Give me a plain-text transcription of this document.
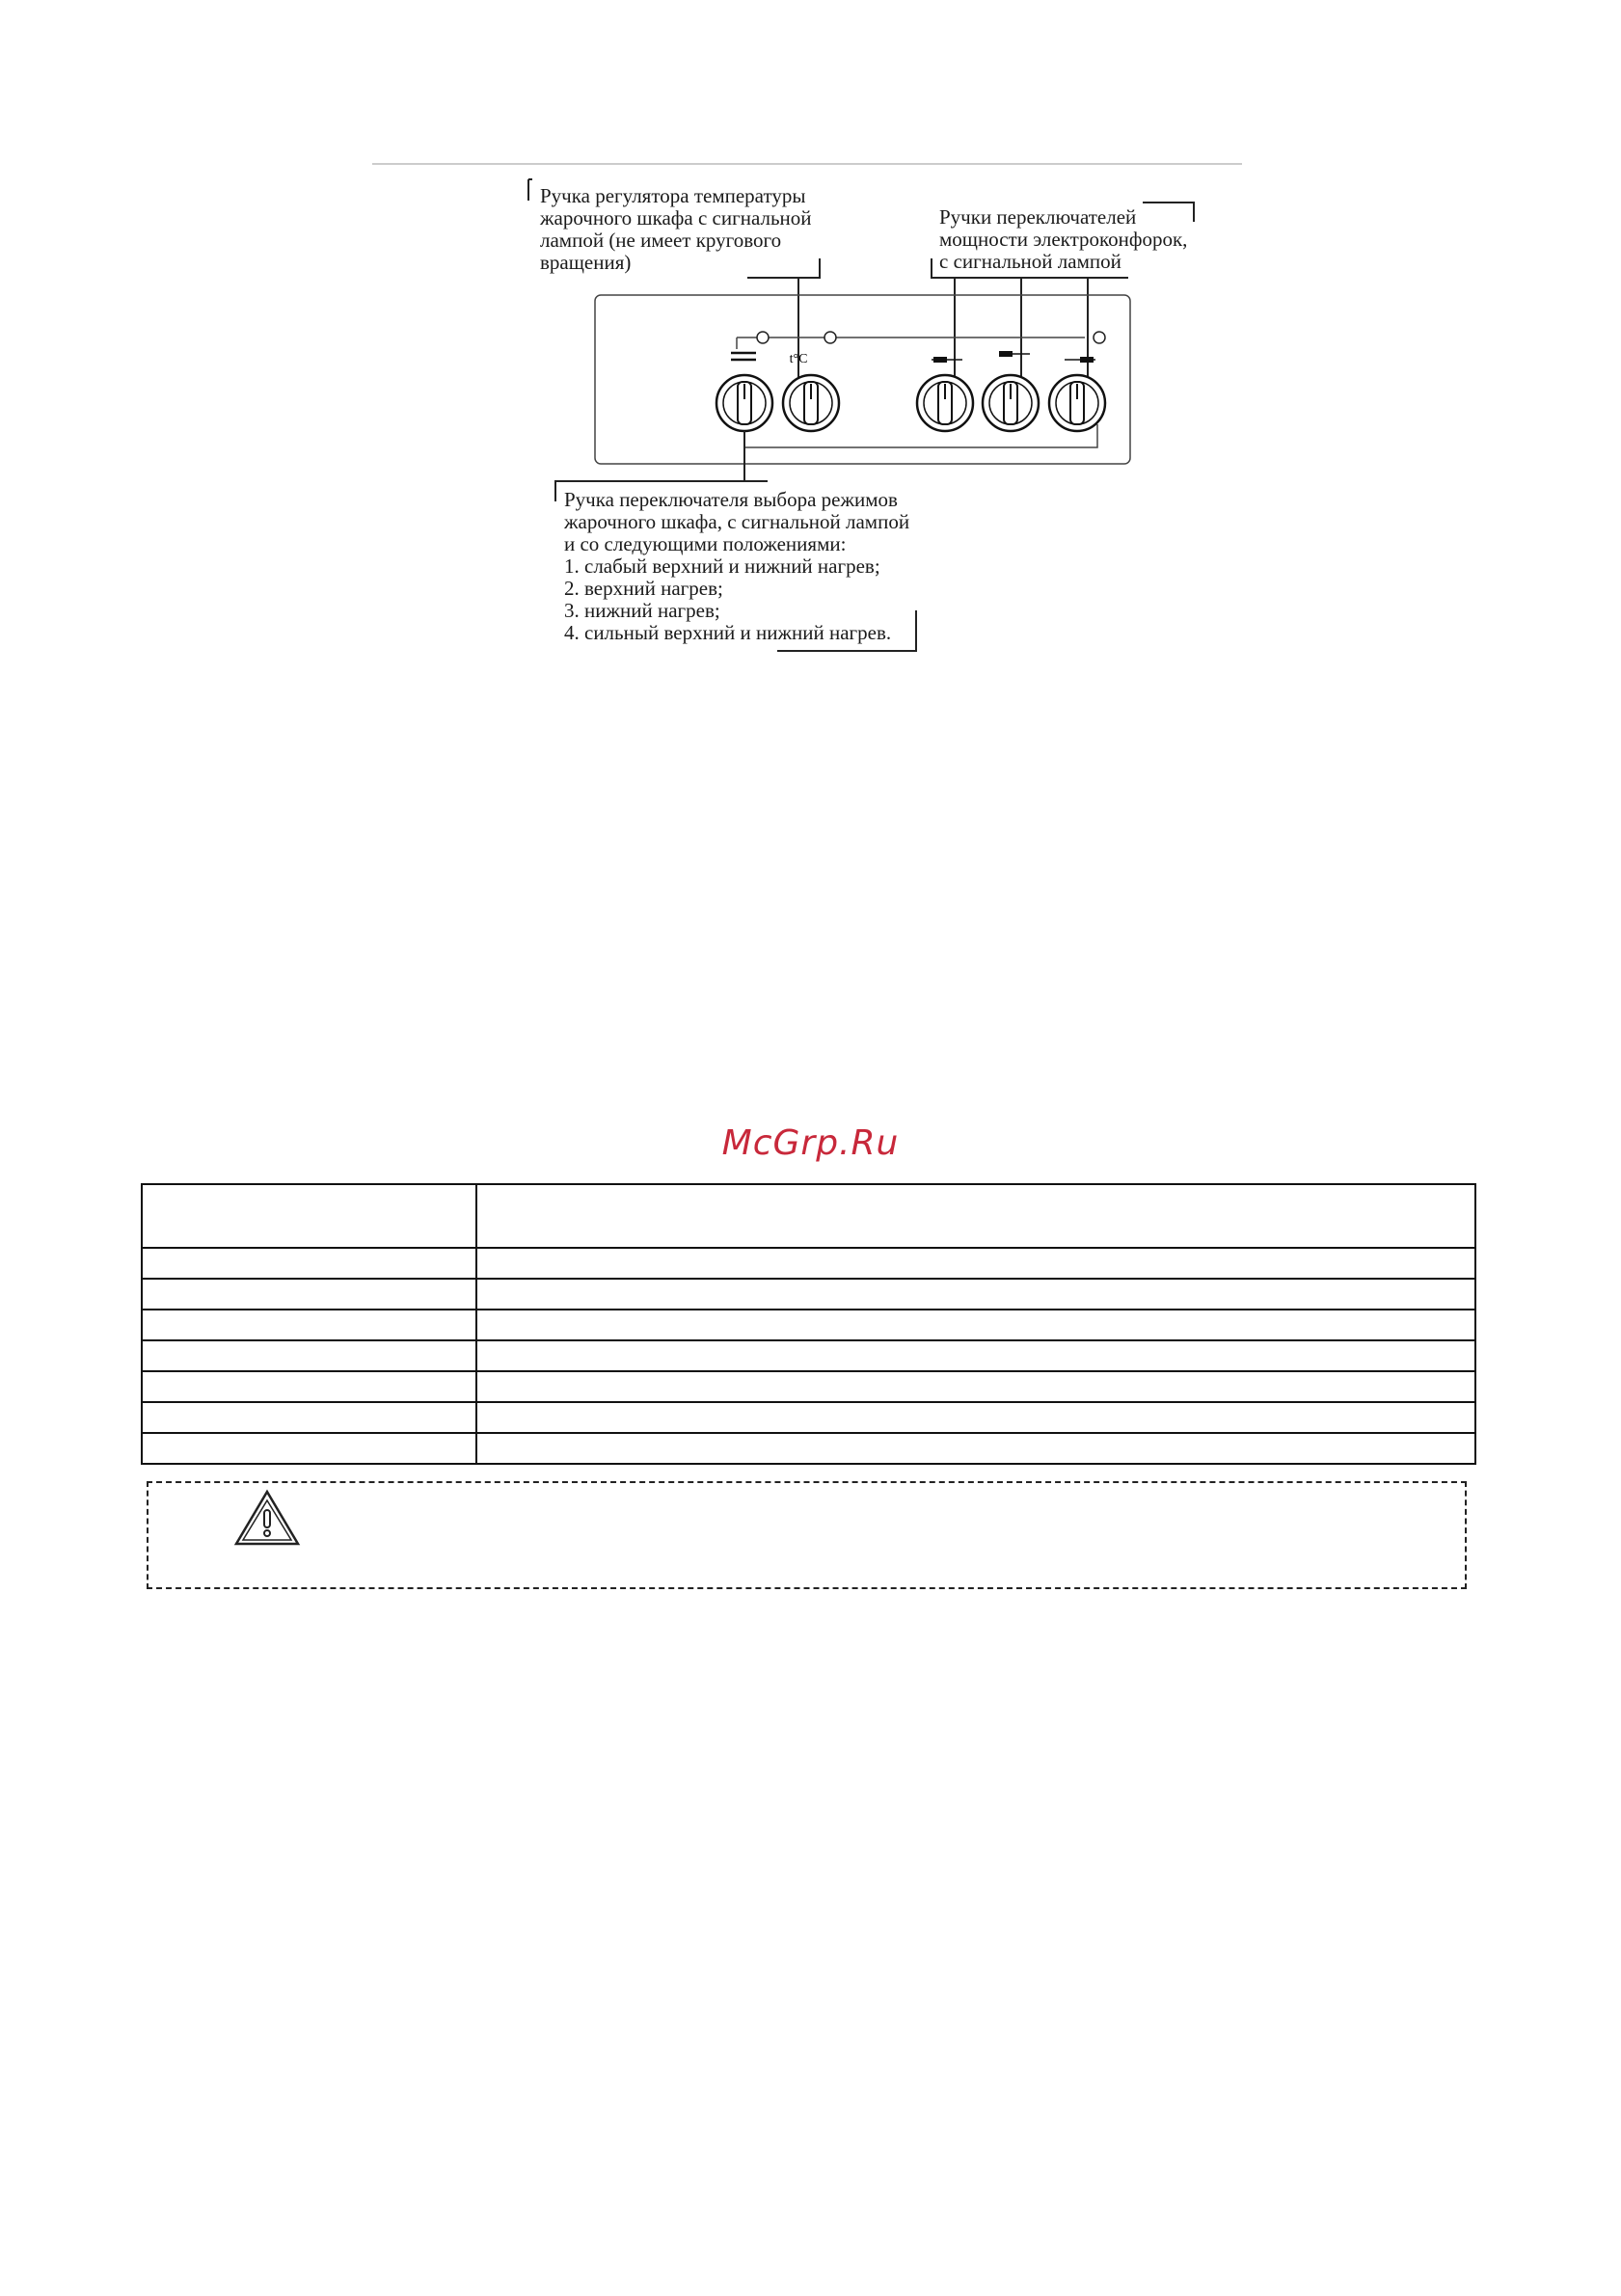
Ручка регулятора температуры жарочного шкафа с сигнальной лампой (не имеет кругового вращения)
Ручки переключателей мощности электроконфорок, с сигнальной лампой
t°C
Ручка переключателя выбора режимов жарочного шкафа, с сигнальной лампой и со следующими положениями: 1. слабый верхний и нижний нагрев; 2. верхний нагрев; 3. нижний нагрев; 4. сильный верхний и нижний нагрев.
McGrp.Ru
